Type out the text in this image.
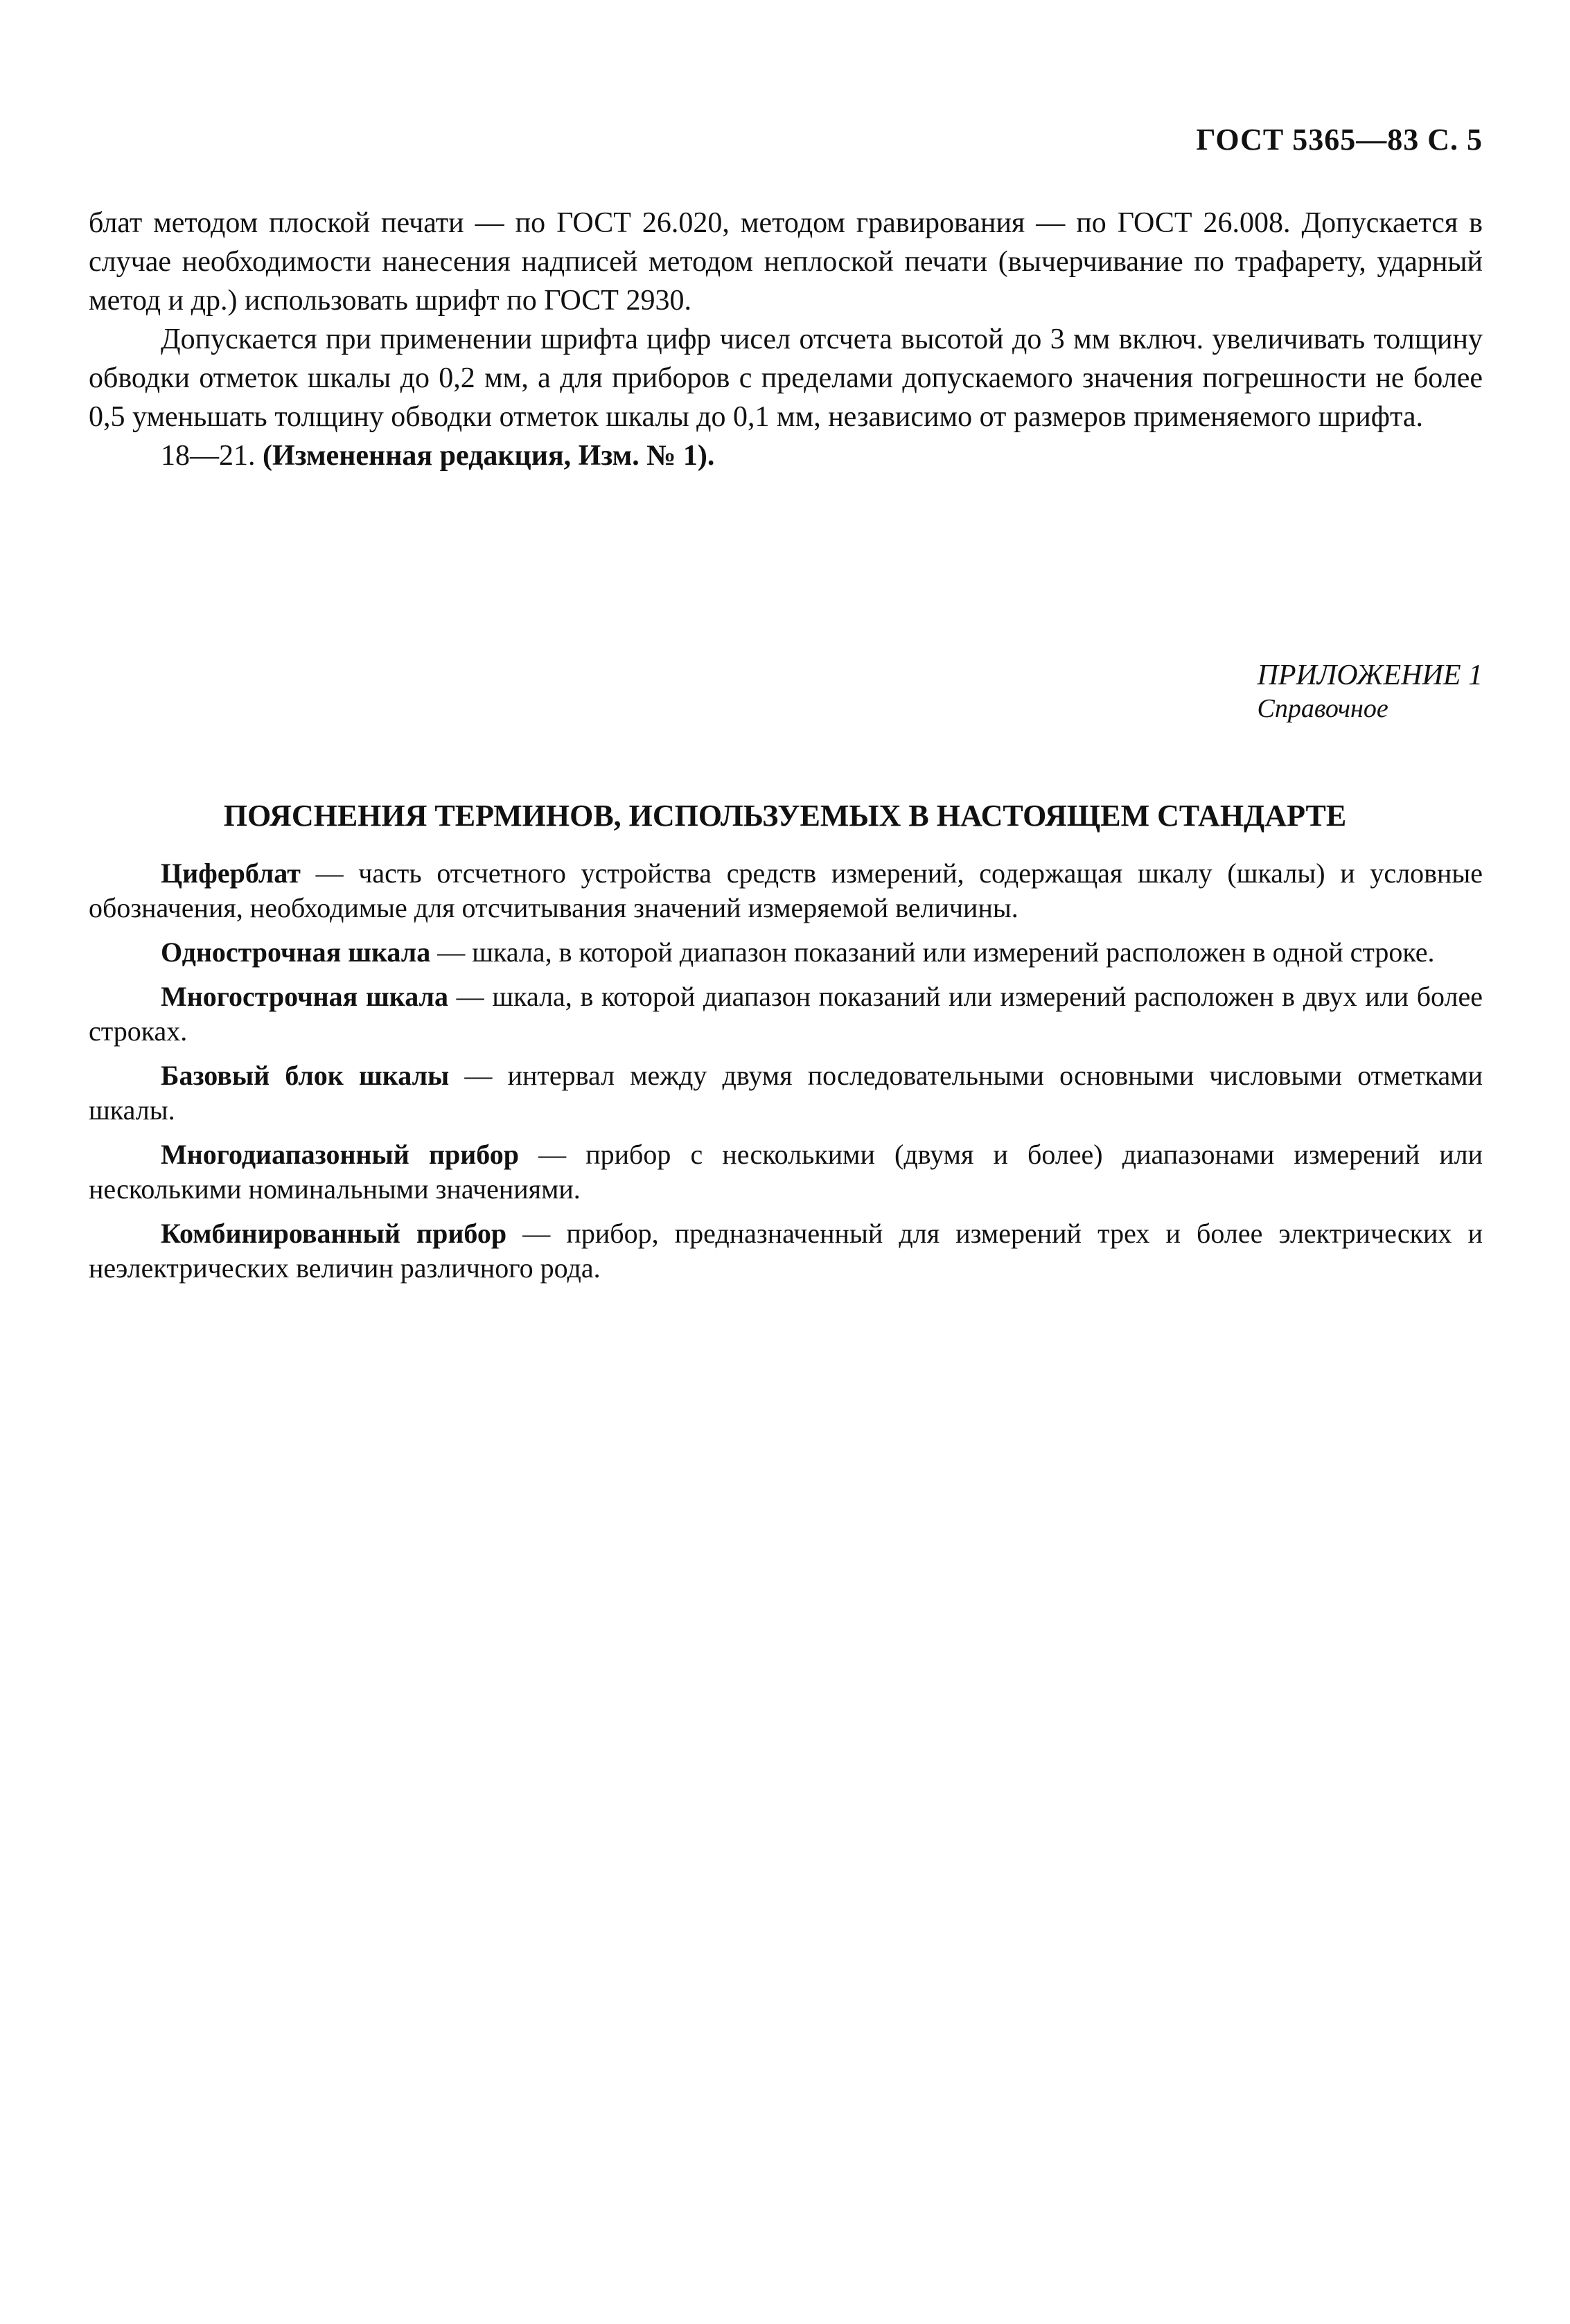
ГОСТ 5365—83 С. 5

блат методом плоской печати — по ГОСТ 26.020, методом гравирования — по ГОСТ 26.008. Допускается в случае необходимости нанесения надписей методом неплоской печати (вычерчивание по трафарету, ударный метод и др.) использовать шрифт по ГОСТ 2930.

Допускается при применении шрифта цифр чисел отсчета высотой до 3 мм включ. увеличивать толщину обводки отметок шкалы до 0,2 мм, а для приборов с пределами допускаемого значения погрешности не более 0,5 уменьшать толщину обводки отметок шкалы до 0,1 мм, независимо от размеров применяемого шрифта.

18—21. (Измененная редакция, Изм. № 1).

ПРИЛОЖЕНИЕ 1
Справочное
ПОЯСНЕНИЯ ТЕРМИНОВ, ИСПОЛЬЗУЕМЫХ В НАСТОЯЩЕМ СТАНДАРТЕ

Циферблат — часть отсчетного устройства средств измерений, содержащая шкалу (шкалы) и условные обозначения, необходимые для отсчитывания значений измеряемой величины.

Однострочная шкала — шкала, в которой диапазон показаний или измерений расположен в одной строке.

Многострочная шкала — шкала, в которой диапазон показаний или измерений расположен в двух или более строках.

Базовый блок шкалы — интервал между двумя последовательными основными числовыми отметками шкалы.

Многодиапазонный прибор — прибор с несколькими (двумя и более) диапазонами измерений или несколькими номинальными значениями.

Комбинированный прибор — прибор, предназначенный для измерений трех и более электрических и неэлектрических величин различного рода.
